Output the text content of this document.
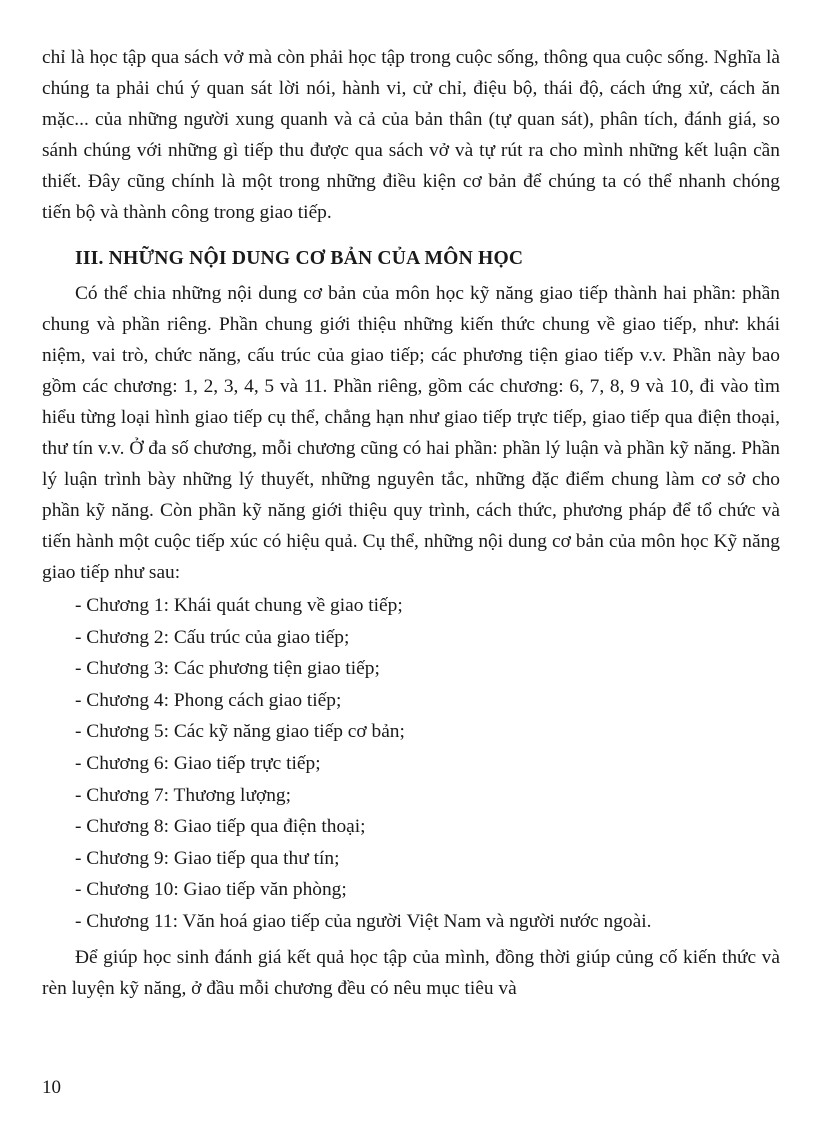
chỉ là học tập qua sách vở mà còn phải học tập trong cuộc sống, thông qua cuộc sống. Nghĩa là chúng ta phải chú ý quan sát lời nói, hành vi, cử chỉ, điệu bộ, thái độ, cách ứng xử, cách ăn mặc... của những người xung quanh và cả của bản thân (tự quan sát), phân tích, đánh giá, so sánh chúng với những gì tiếp thu được qua sách vở và tự rút ra cho mình những kết luận cần thiết. Đây cũng chính là một trong những điều kiện cơ bản để chúng ta có thể nhanh chóng tiến bộ và thành công trong giao tiếp.

III. NHỮNG NỘI DUNG CƠ BẢN CỦA MÔN HỌC

Có thể chia những nội dung cơ bản của môn học kỹ năng giao tiếp thành hai phần: phần chung và phần riêng. Phần chung giới thiệu những kiến thức chung về giao tiếp, như: khái niệm, vai trò, chức năng, cấu trúc của giao tiếp; các phương tiện giao tiếp v.v. Phần này bao gồm các chương: 1, 2, 3, 4, 5 và 11. Phần riêng, gồm các chương: 6, 7, 8, 9 và 10, đi vào tìm hiểu từng loại hình giao tiếp cụ thể, chẳng hạn như giao tiếp trực tiếp, giao tiếp qua điện thoại, thư tín v.v. Ở đa số chương, mỗi chương cũng có hai phần: phần lý luận và phần kỹ năng. Phần lý luận trình bày những lý thuyết, những nguyên tắc, những đặc điểm chung làm cơ sở cho phần kỹ năng. Còn phần kỹ năng giới thiệu quy trình, cách thức, phương pháp để tổ chức và tiến hành một cuộc tiếp xúc có hiệu quả. Cụ thể, những nội dung cơ bản của môn học Kỹ năng giao tiếp như sau:

- Chương 1: Khái quát chung về giao tiếp;
- Chương 2: Cấu trúc của giao tiếp;
- Chương 3: Các phương tiện giao tiếp;
- Chương 4: Phong cách giao tiếp;
- Chương 5: Các kỹ năng giao tiếp cơ bản;
- Chương 6: Giao tiếp trực tiếp;
- Chương 7: Thương lượng;
- Chương 8: Giao tiếp qua điện thoại;
- Chương 9: Giao tiếp qua thư tín;
- Chương 10: Giao tiếp văn phòng;
- Chương 11: Văn hoá giao tiếp của người Việt Nam và người nước ngoài.

Để giúp học sinh đánh giá kết quả học tập của mình, đồng thời giúp củng cố kiến thức và rèn luyện kỹ năng, ở đầu mỗi chương đều có nêu mục tiêu và

10
